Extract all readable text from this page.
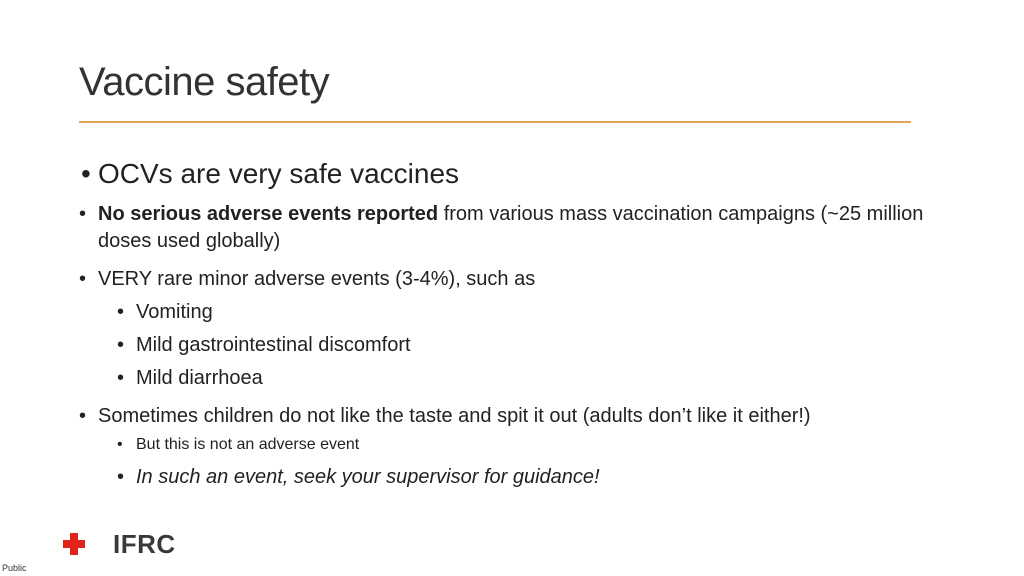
Vaccine safety
• OCVs are very safe vaccines
• No serious adverse events reported from various mass vaccination campaigns (~25 million doses used globally)
• VERY rare minor adverse events (3-4%), such as
• Vomiting
• Mild gastrointestinal discomfort
• Mild diarrhoea
• Sometimes children do not like the taste and spit it out (adults don’t like it either!)
• But this is not an adverse event
• In such an event, seek your supervisor for guidance!
IFRC
Public
